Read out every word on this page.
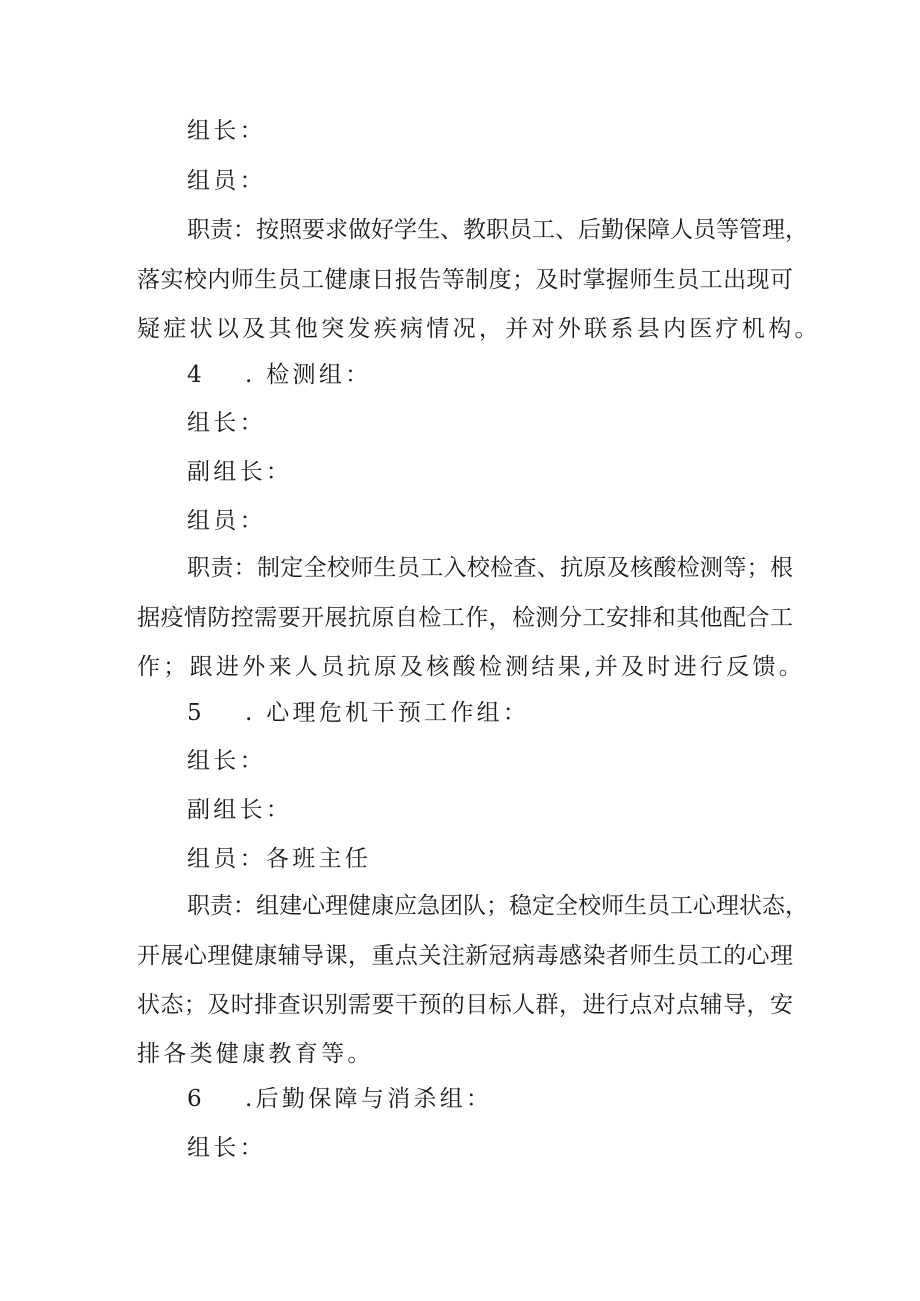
组长：
组员：
职责：按照要求做好学生、教职员工、后勤保障人员等管理，
落实校内师生员工健康日报告等制度；及时掌握师生员工出现可
疑症状以及其他突发疾病情况，并对外联系县内医疗机构。
4 . 检测组：
组长：
副组长：
组员：
职责：制定全校师生员工入校检查、抗原及核酸检测等；根
据疫情防控需要开展抗原自检工作，检测分工安排和其他配合工
作；跟进外来人员抗原及核酸检测结果,并及时进行反馈。
5 . 心理危机干预工作组：
组长：
副组长：
组员：各班主任
职责：组建心理健康应急团队；稳定全校师生员工心理状态，
开展心理健康辅导课，重点关注新冠病毒感染者师生员工的心理
状态；及时排查识别需要干预的目标人群，进行点对点辅导，安
排各类健康教育等。
6 .后勤保障与消杀组：
组长：
